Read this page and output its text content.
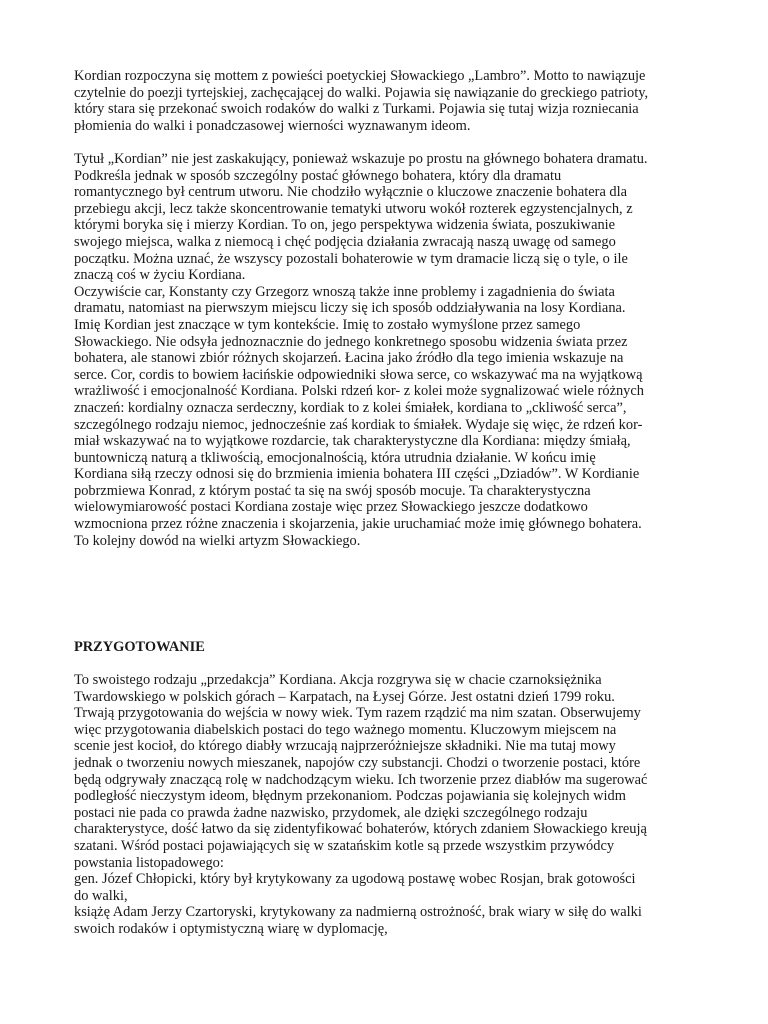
Kordian rozpoczyna się mottem z powieści poetyckiej Słowackiego „Lambro”. Motto to nawiązuje
czytelnie do poezji tyrtejskiej, zachęcającej do walki. Pojawia się nawiązanie do greckiego patrioty,
który stara się przekonać swoich rodaków do walki z Turkami. Pojawia się tutaj wizja rozniecania
płomienia do walki i ponadczasowej wierności wyznawanym ideom.
Tytuł „Kordian” nie jest zaskakujący, ponieważ wskazuje po prostu na głównego bohatera dramatu.
Podkreśla jednak w sposób szczególny postać głównego bohatera, który dla dramatu
romantycznego był centrum utworu. Nie chodziło wyłącznie o kluczowe znaczenie bohatera dla
przebiegu akcji, lecz także skoncentrowanie tematyki utworu wokół rozterek egzystencjalnych, z
którymi boryka się i mierzy Kordian. To on, jego perspektywa widzenia świata, poszukiwanie
swojego miejsca, walka z niemocą i chęć podjęcia działania zwracają naszą uwagę od samego
początku. Można uznać, że wszyscy pozostali bohaterowie w tym dramacie liczą się o tyle, o ile
znaczą coś w życiu Kordiana.
Oczywiście car, Konstanty czy Grzegorz wnoszą także inne problemy i zagadnienia do świata
dramatu, natomiast na pierwszym miejscu liczy się ich sposób oddziaływania na losy Kordiana.
Imię Kordian jest znaczące w tym kontekście. Imię to zostało wymyślone przez samego
Słowackiego. Nie odsyła jednoznacznie do jednego konkretnego sposobu widzenia świata przez
bohatera, ale stanowi zbiór różnych skojarzeń. Łacina jako źródło dla tego imienia wskazuje na
serce. Cor, cordis to bowiem łacińskie odpowiedniki słowa serce, co wskazywać ma na wyjątkową
wrażliwość i emocjonalność Kordiana. Polski rdzeń kor- z kolei może sygnalizować wiele różnych
znaczeń: kordialny oznacza serdeczny, kordiak to z kolei śmiałek, kordiana to „ckliwość serca”,
szczególnego rodzaju niemoc, jednocześnie zaś kordiak to śmiałek. Wydaje się więc, że rdzeń kor-
miał wskazywać na to wyjątkowe rozdarcie, tak charakterystyczne dla Kordiana: między śmiałą,
buntowniczą naturą a tkliwością, emocjonalnością, która utrudnia działanie. W końcu imię
Kordiana siłą rzeczy odnosi się do brzmienia imienia bohatera III części „Dziadów”. W Kordianie
pobrzmiewa Konrad, z którym postać ta się na swój sposób mocuje. Ta charakterystyczna
wielowymiarowość postaci Kordiana zostaje więc przez Słowackiego jeszcze dodatkowo
wzmocniona przez różne znaczenia i skojarzenia, jakie uruchamiać może imię głównego bohatera.
To kolejny dowód na wielki artyzm Słowackiego.
PRZYGOTOWANIE
To swoistego rodzaju „przedakcja” Kordiana. Akcja rozgrywa się w chacie czarnoksiężnika
Twardowskiego w polskich górach – Karpatach, na Łysej Górze. Jest ostatni dzień 1799 roku.
Trwają przygotowania do wejścia w nowy wiek. Tym razem rządzić ma nim szatan. Obserwujemy
więc przygotowania diabelskich postaci do tego ważnego momentu. Kluczowym miejscem na
scenie jest kocioł, do którego diabły wrzucają najprzeróżniejsze składniki. Nie ma tutaj mowy
jednak o tworzeniu nowych mieszanek, napojów czy substancji. Chodzi o tworzenie postaci, które
będą odgrywały znaczącą rolę w nadchodzącym wieku. Ich tworzenie przez diabłów ma sugerować
podległość nieczystym ideom, błędnym przekonaniom. Podczas pojawiania się kolejnych widm
postaci nie pada co prawda żadne nazwisko, przydomek, ale dzięki szczególnego rodzaju
charakterystyce, dość łatwo da się zidentyfikować bohaterów, których zdaniem Słowackiego kreują
szatani. Wśród postaci pojawiających się w szatańskim kotle są przede wszystkim przywódcy
powstania listopadowego:
gen. Józef Chłopicki, który był krytykowany za ugodową postawę wobec Rosjan, brak gotowości
do walki,
książę Adam Jerzy Czartoryski, krytykowany za nadmierną ostrożność, brak wiary w siłę do walki
swoich rodaków i optymistyczną wiarę w dyplomację,
